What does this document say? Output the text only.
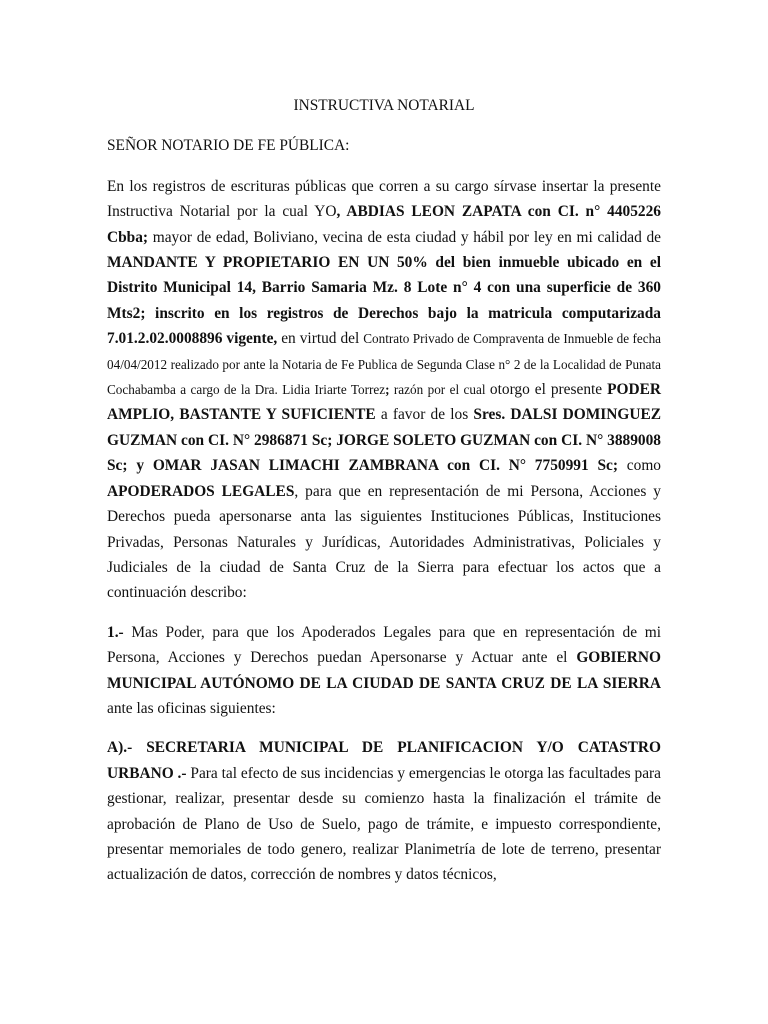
INSTRUCTIVA NOTARIAL
SEÑOR NOTARIO DE FE PÚBLICA:

En los registros de escrituras públicas que corren a su cargo sírvase insertar la presente Instructiva Notarial por la cual YO, ABDIAS LEON ZAPATA con CI. n° 4405226 Cbba; mayor de edad, Boliviano, vecina de esta ciudad y hábil por ley en mi calidad de MANDANTE Y PROPIETARIO EN UN 50% del bien inmueble ubicado en el Distrito Municipal 14, Barrio Samaria Mz. 8 Lote n° 4 con una superficie de 360 Mts2; inscrito en los registros de Derechos bajo la matricula computarizada 7.01.2.02.0008896 vigente, en virtud del Contrato Privado de Compraventa de Inmueble de fecha 04/04/2012 realizado por ante la Notaria de Fe Publica de Segunda Clase n° 2 de la Localidad de Punata Cochabamba a cargo de la Dra. Lidia Iriarte Torrez; razón por el cual otorgo el presente PODER AMPLIO, BASTANTE Y SUFICIENTE a favor de los Sres. DALSI DOMINGUEZ GUZMAN con CI. N° 2986871 Sc; JORGE SOLETO GUZMAN con CI. N° 3889008 Sc; y OMAR JASAN LIMACHI ZAMBRANA con CI. N° 7750991 Sc; como APODERADOS LEGALES, para que en representación de mi Persona, Acciones y Derechos pueda apersonarse anta las siguientes Instituciones Públicas, Instituciones Privadas, Personas Naturales y Jurídicas, Autoridades Administrativas, Policiales y Judiciales de la ciudad de Santa Cruz de la Sierra para efectuar los actos que a continuación describo:

1.- Mas Poder, para que los Apoderados Legales para que en representación de mi Persona, Acciones y Derechos puedan Apersonarse y Actuar ante el GOBIERNO MUNICIPAL AUTÓNOMO DE LA CIUDAD DE SANTA CRUZ DE LA SIERRA ante las oficinas siguientes:

A).- SECRETARIA MUNICIPAL DE PLANIFICACION Y/O CATASTRO URBANO .- Para tal efecto de sus incidencias y emergencias le otorga las facultades para gestionar, realizar, presentar desde su comienzo hasta la finalización el trámite de aprobación de Plano de Uso de Suelo, pago de trámite, e impuesto correspondiente, presentar memoriales de todo genero, realizar Planimetría de lote de terreno, presentar actualización de datos, corrección de nombres y datos técnicos,
